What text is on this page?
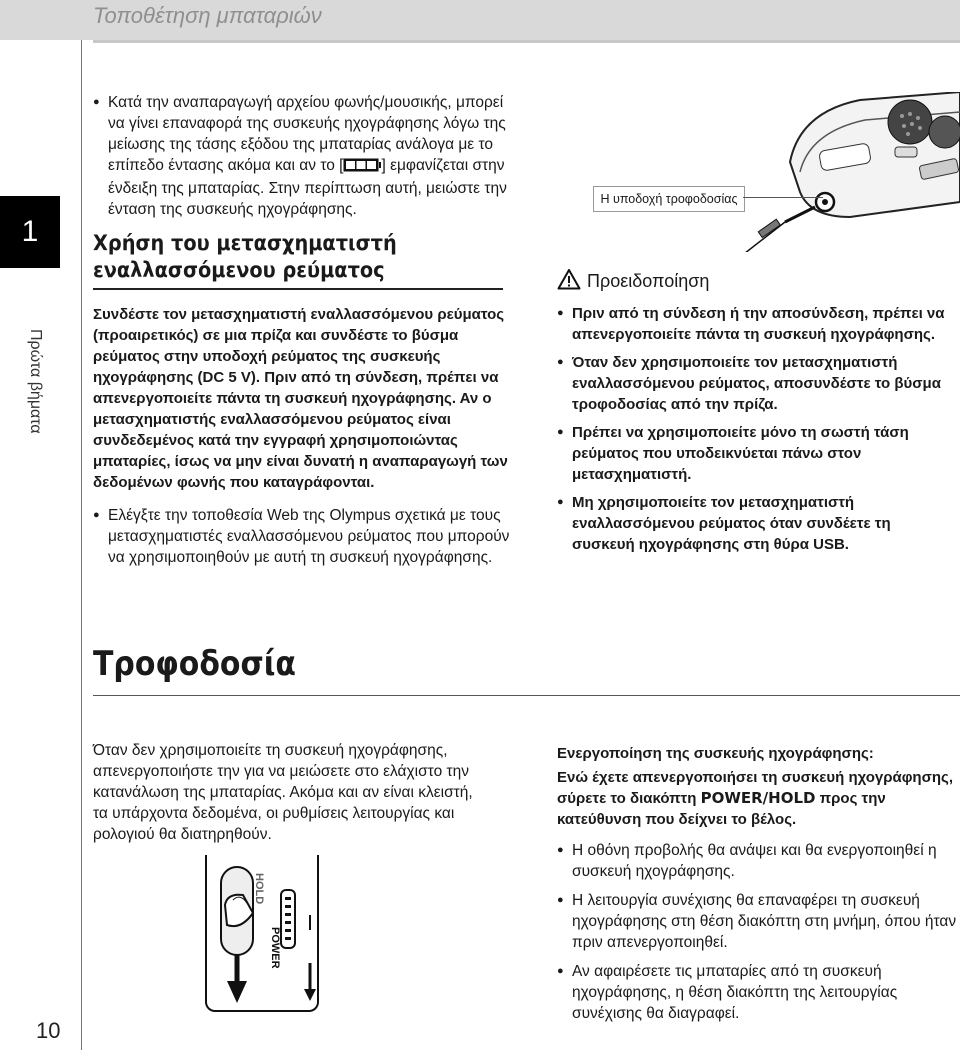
Τοποθέτηση μπαταριών
1
Πρώτα βήματα
10
● Κατά την αναπαραγωγή αρχείου φωνής/μουσικής, μπορεί να γίνει επαναφορά της συσκευής ηχογράφησης λόγω της μείωσης της τάσης εξόδου της μπαταρίας ανάλογα με το επίπεδο έντασης ακόμα και αν το [ ] εμφανίζεται στην ένδειξη της μπαταρίας. Στην περίπτωση αυτή, μειώστε την ένταση της συσκευής ηχογράφησης.
Χρήση του μετασχηματιστή εναλλασσόμενου ρεύματος

Συνδέστε τον μετασχηματιστή εναλλασσόμενου ρεύματος (προαιρετικός) σε μια πρίζα και συνδέστε το βύσμα ρεύματος στην υποδοχή ρεύματος της συσκευής ηχογράφησης (DC 5 V). Πριν από τη σύνδεση, πρέπει να απενεργοποιείτε πάντα τη συσκευή ηχογράφησης. Αν ο μετασχηματιστής εναλλασσόμενου ρεύματος είναι συνδεδεμένος κατά την εγγραφή χρησιμοποιώντας μπαταρίες, ίσως να μην είναι δυνατή η αναπαραγωγή των δεδομένων φωνής που καταγράφονται.

● Ελέγξτε την τοποθεσία Web της Olympus σχετικά με τους μετασχηματιστές εναλλασσόμενου ρεύματος που μπορούν να χρησιμοποιηθούν με αυτή τη συσκευή ηχογράφησης.
Η υποδοχή τροφοδοσίας
Προειδοποίηση
● Πριν από τη σύνδεση ή την αποσύνδεση, πρέπει να απενεργοποιείτε πάντα τη συσκευή ηχογράφησης.
● Όταν δεν χρησιμοποιείτε τον μετασχηματιστή εναλλασσόμενου ρεύματος, αποσυνδέστε το βύσμα τροφοδοσίας από την πρίζα.
● Πρέπει να χρησιμοποιείτε μόνο τη σωστή τάση ρεύματος που υποδεικνύεται πάνω στον μετασχηματιστή.
● Μη χρησιμοποιείτε τον μετασχηματιστή εναλλασσόμενου ρεύματος όταν συνδέετε τη συσκευή ηχογράφησης στη θύρα USB.
Τροφοδοσία

Όταν δεν χρησιμοποιείτε τη συσκευή ηχογράφησης, απενεργοποιήστε την για να μειώσετε στο ελάχιστο την κατανάλωση της μπαταρίας. Ακόμα και αν είναι κλειστή, τα υπάρχοντα δεδομένα, οι ρυθμίσεις λειτουργίας και ρολογιού θα διατηρηθούν.

HOLD
POWER

Ενεργοποίηση της συσκευής ηχογράφησης:

Ενώ έχετε απενεργοποιήσει τη συσκευή ηχογράφησης, σύρετε το διακόπτη POWER/HOLD προς την κατεύθυνση που δείχνει το βέλος.

● Η οθόνη προβολής θα ανάψει και θα ενεργοποιηθεί η συσκευή ηχογράφησης.
● Η λειτουργία συνέχισης θα επαναφέρει τη συσκευή ηχογράφησης στη θέση διακόπτη στη μνήμη, όπου ήταν πριν απενεργοποιηθεί.
● Αν αφαιρέσετε τις μπαταρίες από τη συσκευή ηχογράφησης, η θέση διακόπτη της λειτουργίας συνέχισης θα διαγραφεί.
